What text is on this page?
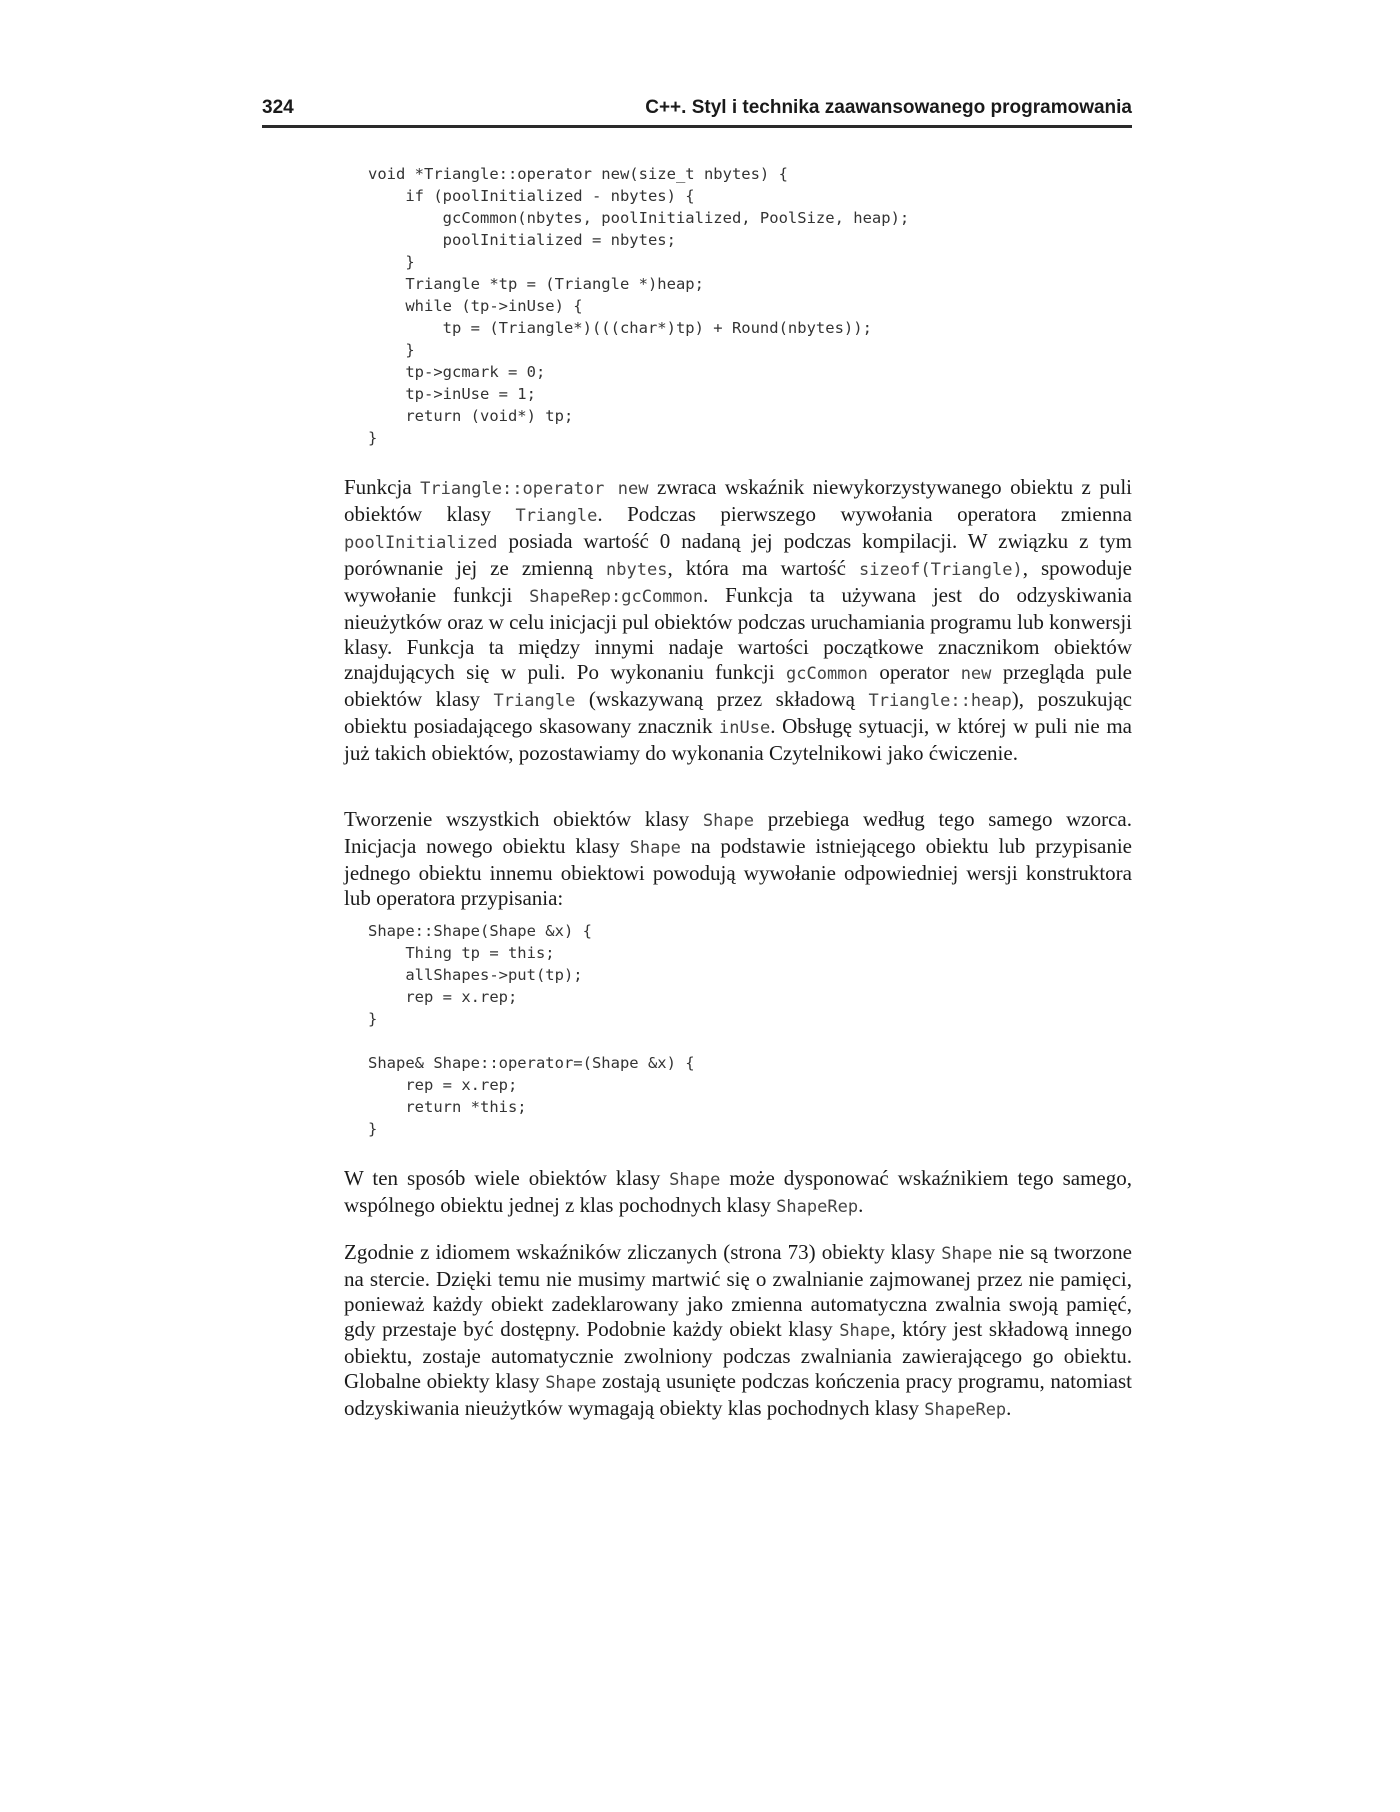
324	C++. Styl i technika zaawansowanego programowania
void *Triangle::operator new(size_t nbytes) {
if (poolInitialized - nbytes) {
gcCommon(nbytes, poolInitialized, PoolSize, heap);
poolInitialized = nbytes;
}
Triangle *tp = (Triangle *)heap;
while (tp->inUse) {
tp = (Triangle*)(((char*)tp) + Round(nbytes));
}
tp->gcmark = 0;
tp->inUse = 1;
return (void*) tp;
}

Funkcja Triangle::operator new zwraca wskaźnik niewykorzystywanego obiektu z puli obiektów klasy Triangle. Podczas pierwszego wywołania operatora zmienna poolInitialized posiada wartość 0 nadaną jej podczas kompilacji. W związku z tym porównanie jej ze zmienną nbytes, która ma wartość sizeof(Triangle), spowoduje wywołanie funkcji ShapeRep:gcCommon. Funkcja ta używana jest do odzyskiwania nieużytków oraz w celu inicjacji pul obiektów podczas uruchamiania programu lub konwersji klasy. Funkcja ta między innymi nadaje wartości początkowe znacznikom obiektów znajdujących się w puli. Po wykonaniu funkcji gcCommon operator new przegląda pule obiektów klasy Triangle (wskazywaną przez składową Triangle::heap), poszukując obiektu posiadającego skasowany znacznik inUse. Obsługę sytuacji, w której w puli nie ma już takich obiektów, pozostawiamy do wykonania Czytelnikowi jako ćwiczenie.

Tworzenie wszystkich obiektów klasy Shape przebiega według tego samego wzorca. Inicjacja nowego obiektu klasy Shape na podstawie istniejącego obiektu lub przypisanie jednego obiektu innemu obiektowi powodują wywołanie odpowiedniej wersji konstruktora lub operatora przypisania:

Shape::Shape(Shape &x) {
Thing tp = this;
allShapes->put(tp);
rep = x.rep;
}

Shape& Shape::operator=(Shape &x) {
rep = x.rep;
return *this;
}

W ten sposób wiele obiektów klasy Shape może dysponować wskaźnikiem tego samego, wspólnego obiektu jednej z klas pochodnych klasy ShapeRep.

Zgodnie z idiomem wskaźników zliczanych (strona 73) obiekty klasy Shape nie są tworzone na stercie. Dzięki temu nie musimy martwić się o zwalnianie zajmowanej przez nie pamięci, ponieważ każdy obiekt zadeklarowany jako zmienna automatyczna zwalnia swoją pamięć, gdy przestaje być dostępny. Podobnie każdy obiekt klasy Shape, który jest składową innego obiektu, zostaje automatycznie zwolniony podczas zwalniania zawierającego go obiektu. Globalne obiekty klasy Shape zostają usunięte podczas kończenia pracy programu, natomiast odzyskiwania nieużytków wymagają obiekty klas pochodnych klasy ShapeRep.
